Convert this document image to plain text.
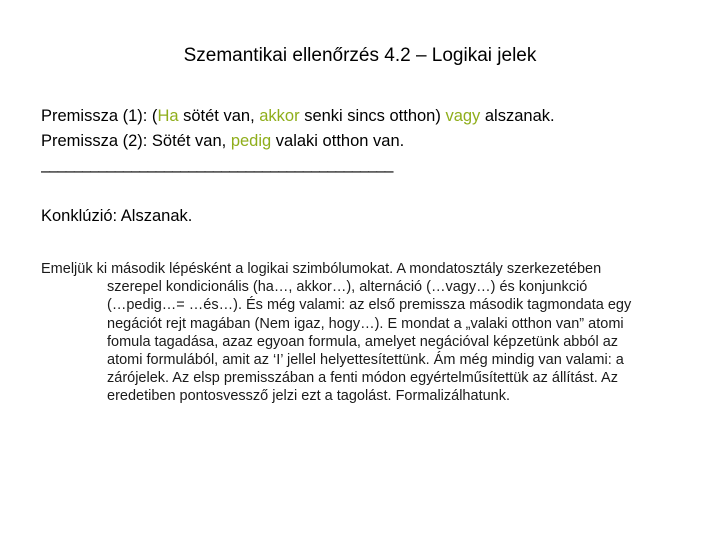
Szemantikai ellenőrzés 4.2 – Logikai jelek
Premissza (1): (Ha sötét van, akkor senki sincs otthon) vagy alszanak.
Premissza (2): Sötét van, pedig valaki otthon van.
–––––––––––––––––––––––––––––––––––––––––––
Konklúzió: Alszanak.
Emeljük ki második lépésként a logikai szimbólumokat. A mondatosztály szerkezetében
szerepel kondicionális (ha…, akkor…), alternáció (…vagy…) és konjunkció
(…pedig…= …és…). És még valami: az első premissza második tagmondata egy
negációt rejt magában (Nem igaz, hogy…). E mondat a „valaki otthon van” atomi
fomula tagadása, azaz egyoan formula, amelyet negációval képzetünk abból az
atomi formulából, amit az ‘I’ jellel helyettesítettünk. Ám még mindig van valami: a
zárójelek. Az elsp premisszában a fenti módon egyértelműsítettük az állítást. Az
eredetiben pontosvessző jelzi ezt a tagolást. Formalizálhatunk.
